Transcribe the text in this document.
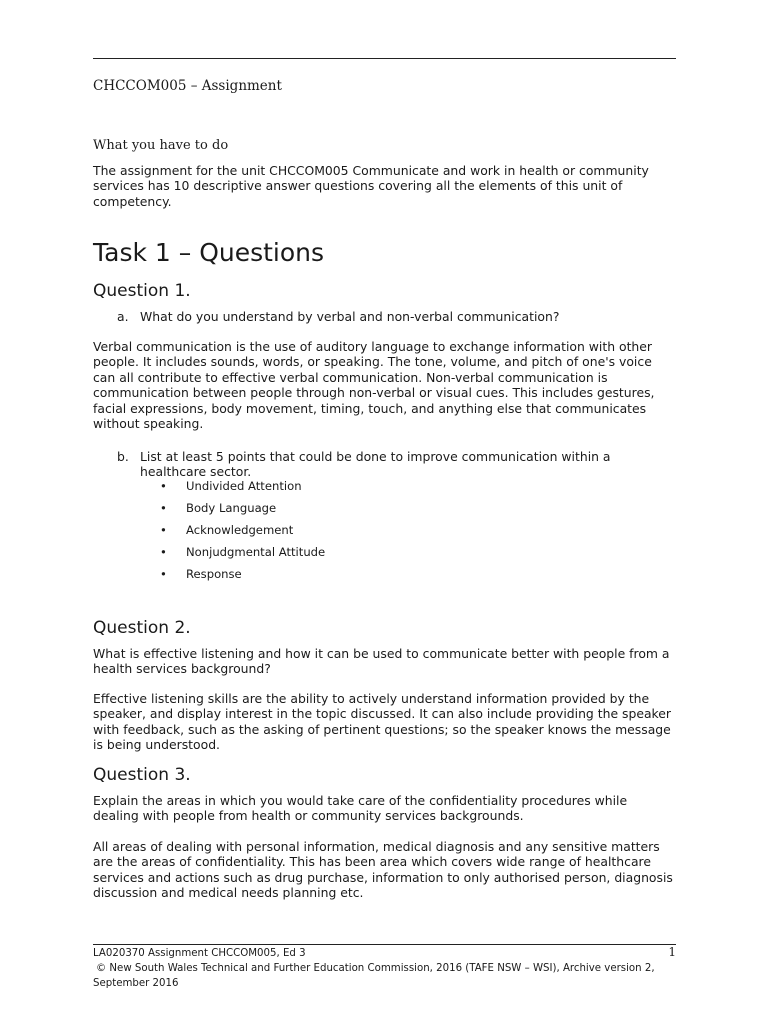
CHCCOM005 – Assignment
What you have to do
The assignment for the unit CHCCOM005 Communicate and work in health or community services has 10 descriptive answer questions covering all the elements of this unit of competency.
Task 1 – Questions
Question 1.
a. What do you understand by verbal and non-verbal communication?
Verbal communication is the use of auditory language to exchange information with other people. It includes sounds, words, or speaking. The tone, volume, and pitch of one's voice can all contribute to effective verbal communication. Non-verbal communication is communication between people through non-verbal or visual cues. This includes gestures, facial expressions, body movement, timing, touch, and anything else that communicates without speaking.
b. List at least 5 points that could be done to improve communication within a healthcare sector.
•	Undivided Attention
•	Body Language
•	Acknowledgement
•	Nonjudgmental Attitude
•	Response
Question 2.
What is effective listening and how it can be used to communicate better with people from a health services background?
Effective listening skills are the ability to actively understand information provided by the speaker, and display interest in the topic discussed. It can also include providing the speaker with feedback, such as the asking of pertinent questions; so the speaker knows the message is being understood.
Question 3.
Explain the areas in which you would take care of the confidentiality procedures while dealing with people from health or community services backgrounds.
All areas of dealing with personal information, medical diagnosis and any sensitive matters are the areas of confidentiality. This has been area which covers wide range of healthcare services and actions such as drug purchase, information to only authorised person, diagnosis discussion and medical needs planning etc.
LA020370 Assignment CHCCOM005, Ed 3	1
© New South Wales Technical and Further Education Commission, 2016 (TAFE NSW – WSI), Archive version 2, September 2016
